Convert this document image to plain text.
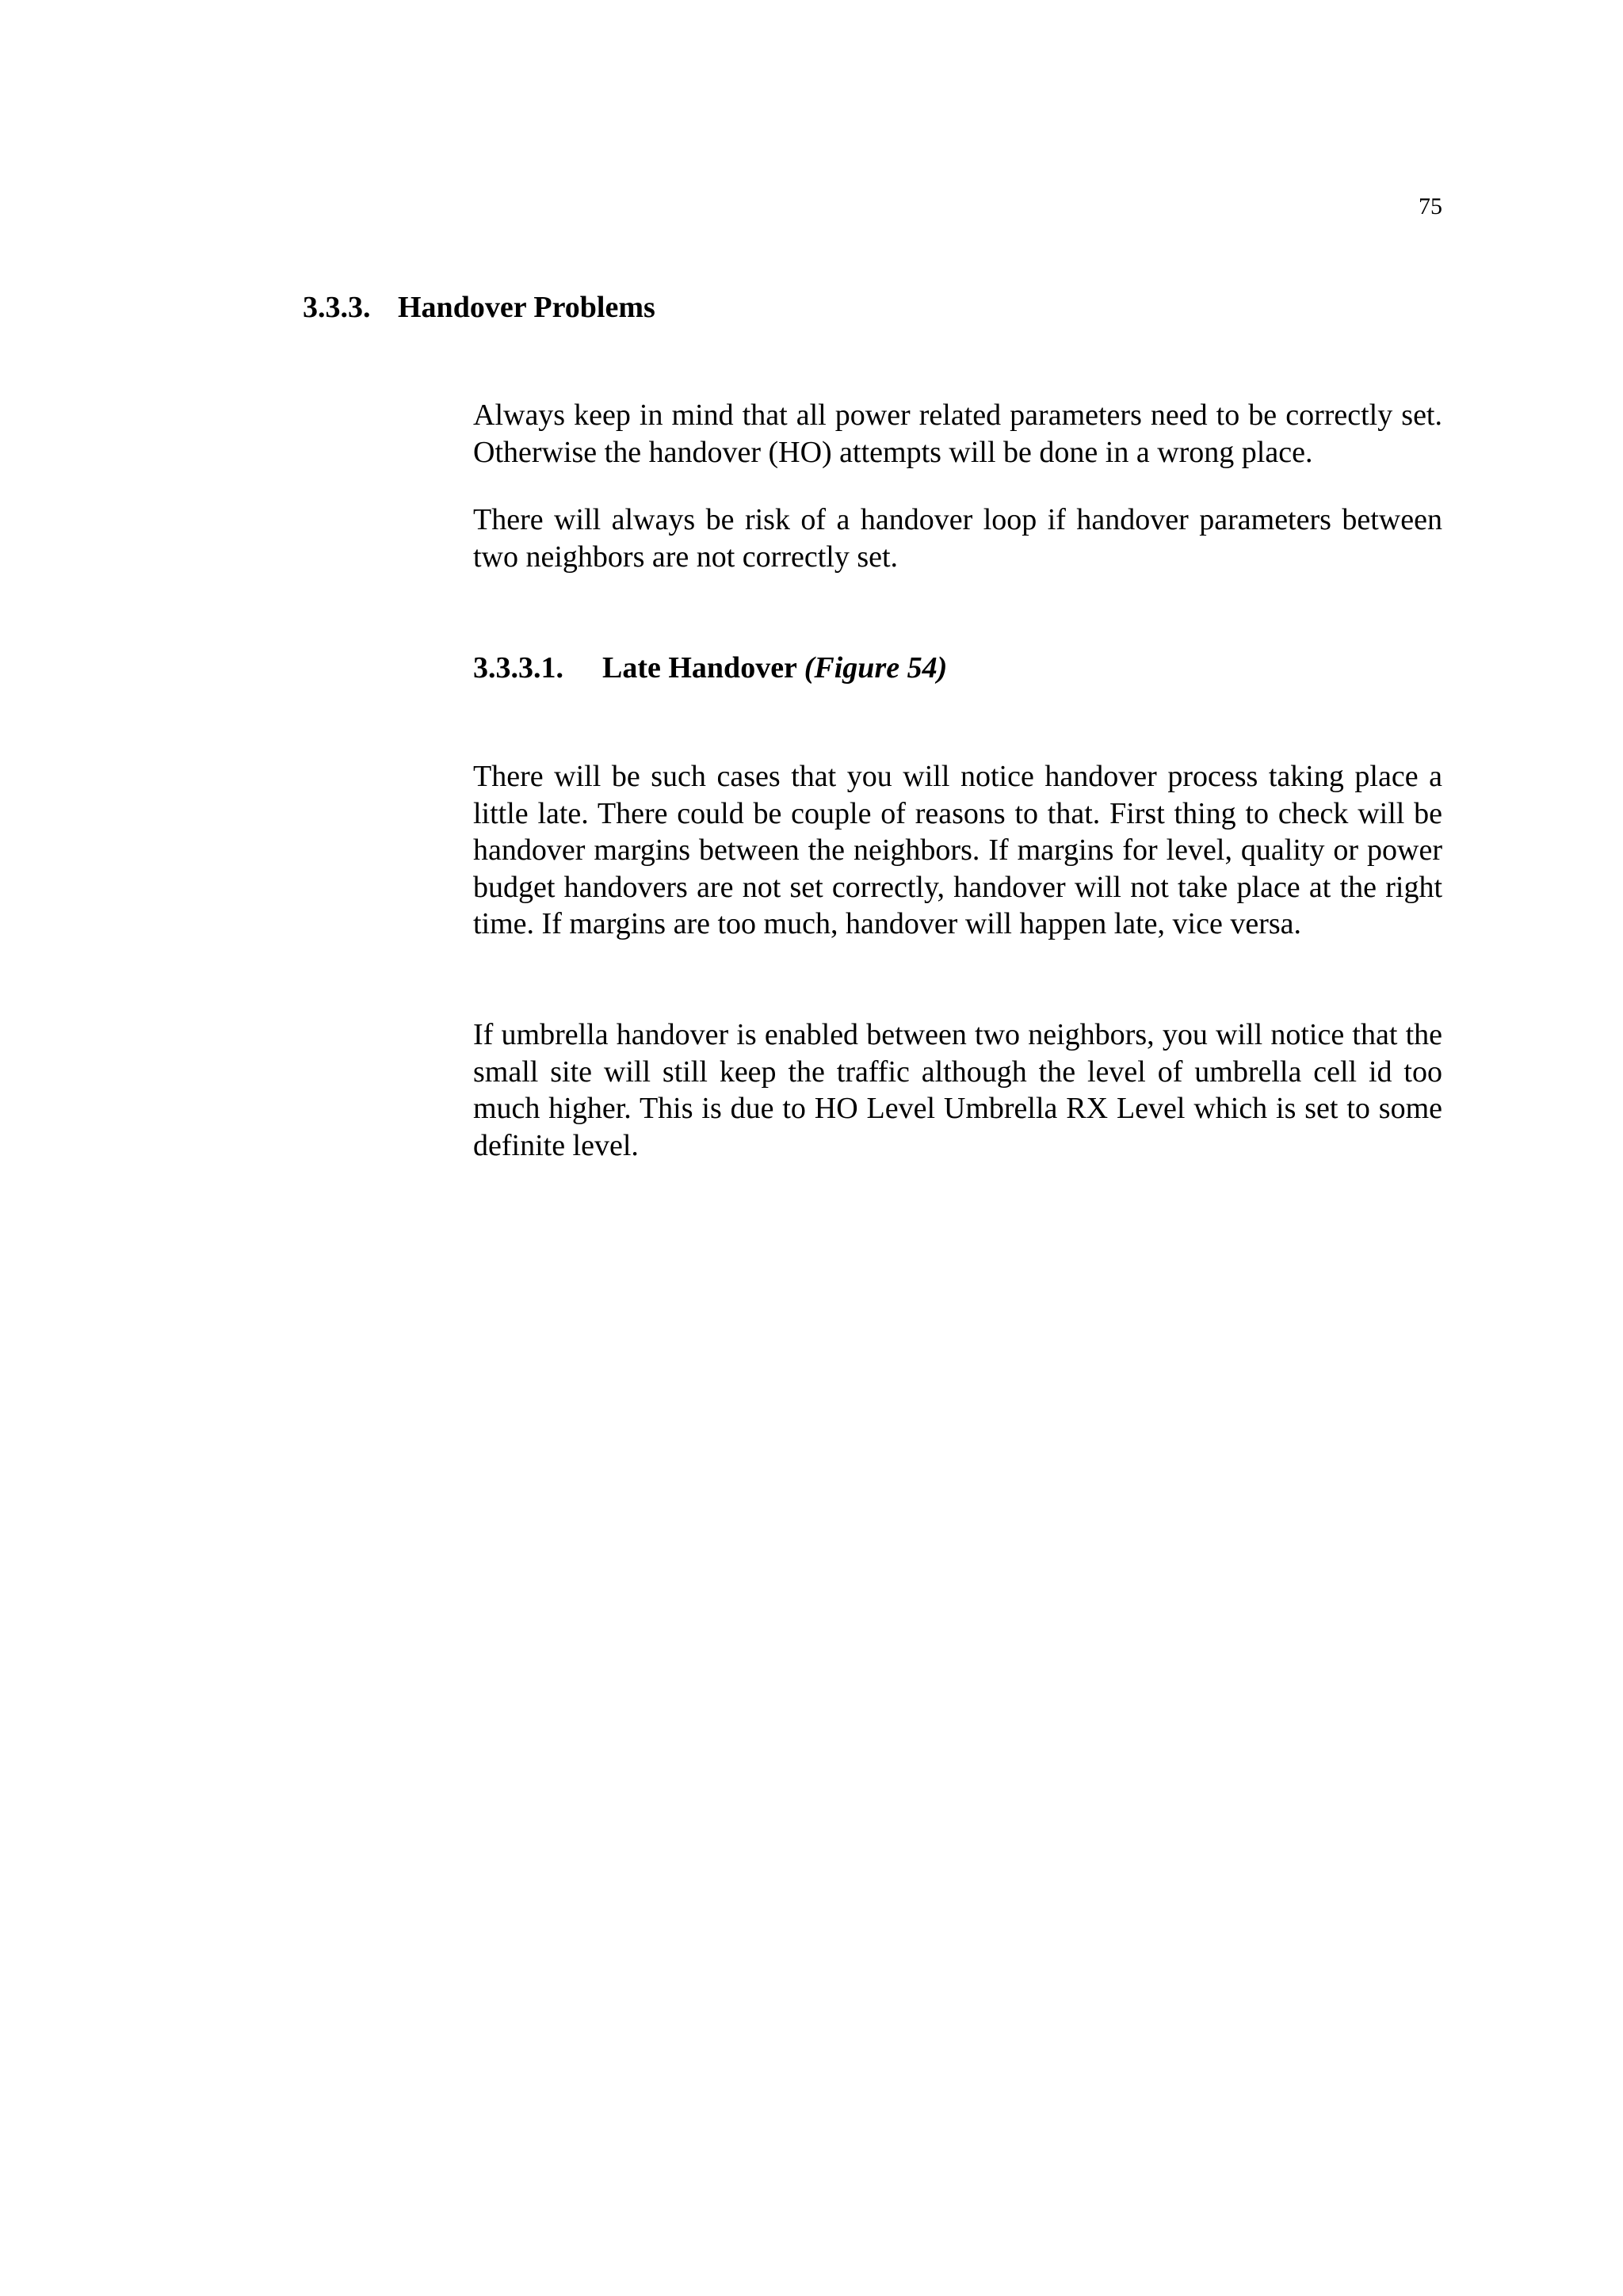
75
3.3.3. Handover Problems

Always keep in mind that all power related parameters need to be correctly set. Otherwise the handover (HO) attempts will be done in a wrong place.

There will always be risk of a handover loop if handover parameters between two neighbors are not correctly set.

3.3.3.1. Late Handover (Figure 54)

There will be such cases that you will notice handover process taking place a little late. There could be couple of reasons to that. First thing to check will be handover margins between the neighbors. If margins for level, quality or power budget handovers are not set correctly, handover will not take place at the right time. If margins are too much, handover will happen late, vice versa.

If umbrella handover is enabled between two neighbors, you will notice that the small site will still keep the traffic although the level of umbrella cell id too much higher. This is due to HO Level Umbrella RX Level which is set to some definite level.
